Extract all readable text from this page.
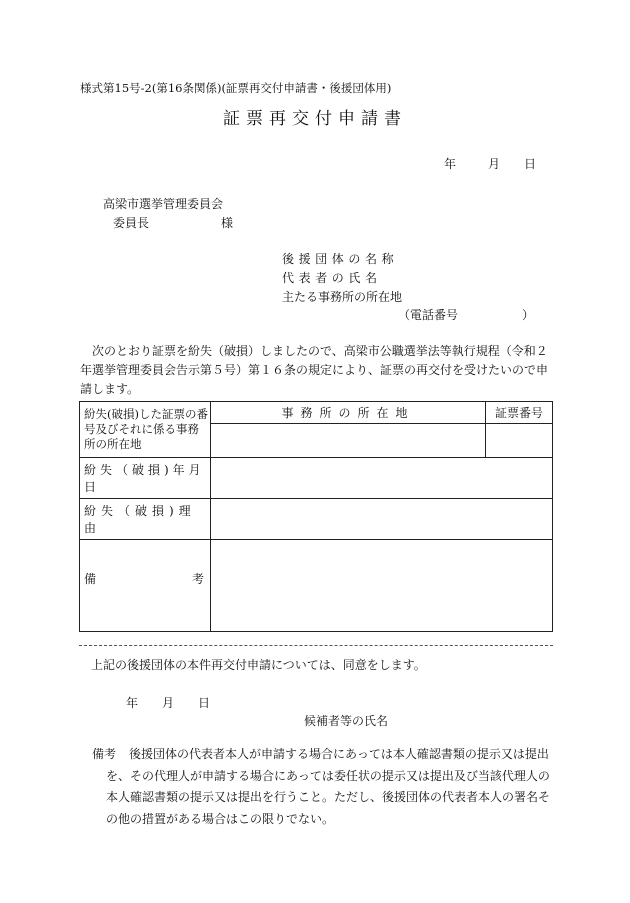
様式第15号-2(第16条関係)(証票再交付申請書・後援団体用)
証票再交付申請書
年	月 日
高梁市選挙管理委員会
委員長	様
後援団体の名称
代表者の氏名
主たる事務所の所在地
（電話番号	）
次のとおり証票を紛失（破損）しましたので、高梁市公職選挙法等執行規程（令和２年選挙管理委員会告示第５号）第１６条の規定により、証票の再交付を受けたいので申請します。
紛失(破損)した証票の番号及びそれに係る事務所の所在地	事務所の所在地	証票番号

紛失（破損)年月日		
紛失（破損)理由		

備 考		

上記の後援団体の本件再交付申請については、同意をします。
年 月 日
候補者等の氏名
備考 後援団体の代表者本人が申請する場合にあっては本人確認書類の提示又は提出
を、その代理人が申請する場合にあっては委任状の提示又は提出及び当該代理人の
本人確認書類の提示又は提出を行うこと。ただし、後援団体の代表者本人の署名そ
の他の措置がある場合はこの限りでない。
